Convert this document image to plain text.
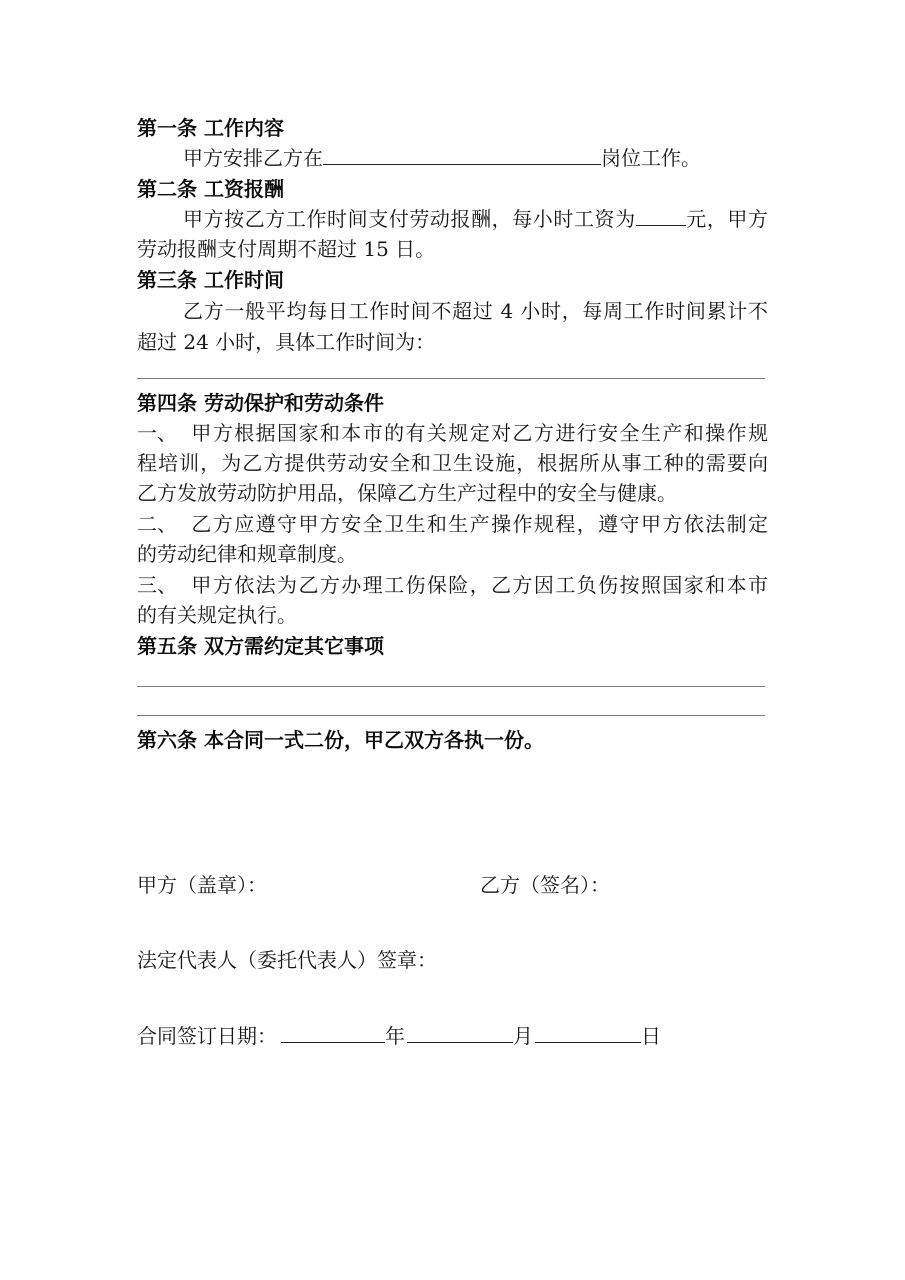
第一条 工作内容
甲方安排乙方在	岗位工作。
第二条 工资报酬
甲方按乙方工作时间支付劳动报酬，每小时工资为	元，甲方
劳动报酬支付周期不超过 15 日。
第三条 工作时间
乙方一般平均每日工作时间不超过 4 小时，每周工作时间累计不
超过 24 小时，具体工作时间为：
第四条 劳动保护和劳动条件
一、 甲方根据国家和本市的有关规定对乙方进行安全生产和操作规
程培训，为乙方提供劳动安全和卫生设施，根据所从事工种的需要向
乙方发放劳动防护用品，保障乙方生产过程中的安全与健康。
二、 乙方应遵守甲方安全卫生和生产操作规程，遵守甲方依法制定
的劳动纪律和规章制度。
三、 甲方依法为乙方办理工伤保险，乙方因工负伤按照国家和本市
的有关规定执行。
第五条 双方需约定其它事项
第六条 本合同一式二份，甲乙双方各执一份。
甲方（盖章）：	乙方（签名）：
法定代表人（委托代表人）签章：
合同签订日期：	年	月	日
